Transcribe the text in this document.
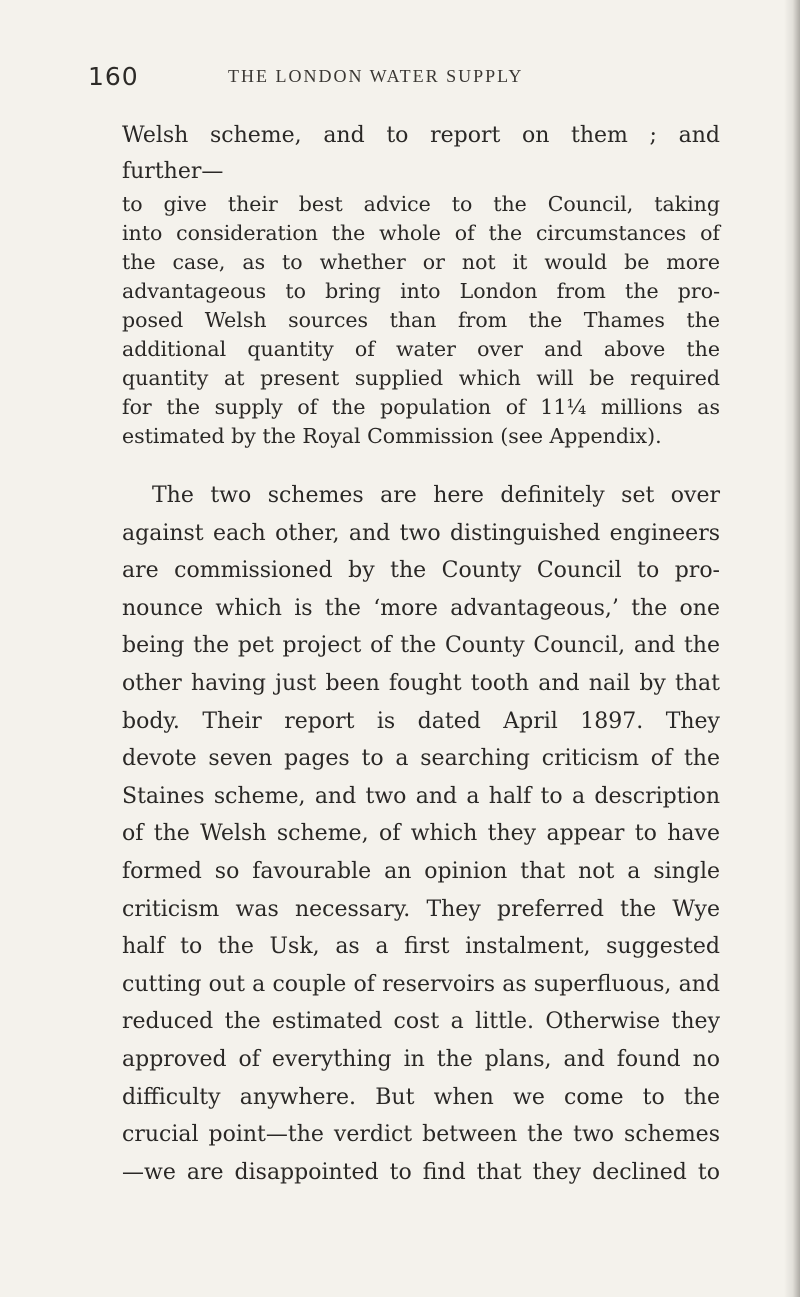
160	THE LONDON WATER SUPPLY
Welsh scheme, and to report on them ; and
further—
to give their best advice to the Council, taking
into consideration the whole of the circumstances of
the case, as to whether or not it would be more
advantageous to bring into London from the pro-
posed Welsh sources than from the Thames the
additional quantity of water over and above the
quantity at present supplied which will be required
for the supply of the population of 11¼ millions as
estimated by the Royal Commission (see Appendix).
The two schemes are here definitely set over
against each other, and two distinguished engineers
are commissioned by the County Council to pro-
nounce which is the ‘more advantageous,’ the one
being the pet project of the County Council, and the
other having just been fought tooth and nail by that
body. Their report is dated April 1897. They
devote seven pages to a searching criticism of the
Staines scheme, and two and a half to a description
of the Welsh scheme, of which they appear to have
formed so favourable an opinion that not a single
criticism was necessary. They preferred the Wye
half to the Usk, as a first instalment, suggested
cutting out a couple of reservoirs as superfluous, and
reduced the estimated cost a little. Otherwise they
approved of everything in the plans, and found no
difficulty anywhere. But when we come to the
crucial point—the verdict between the two schemes
—we are disappointed to find that they declined to
